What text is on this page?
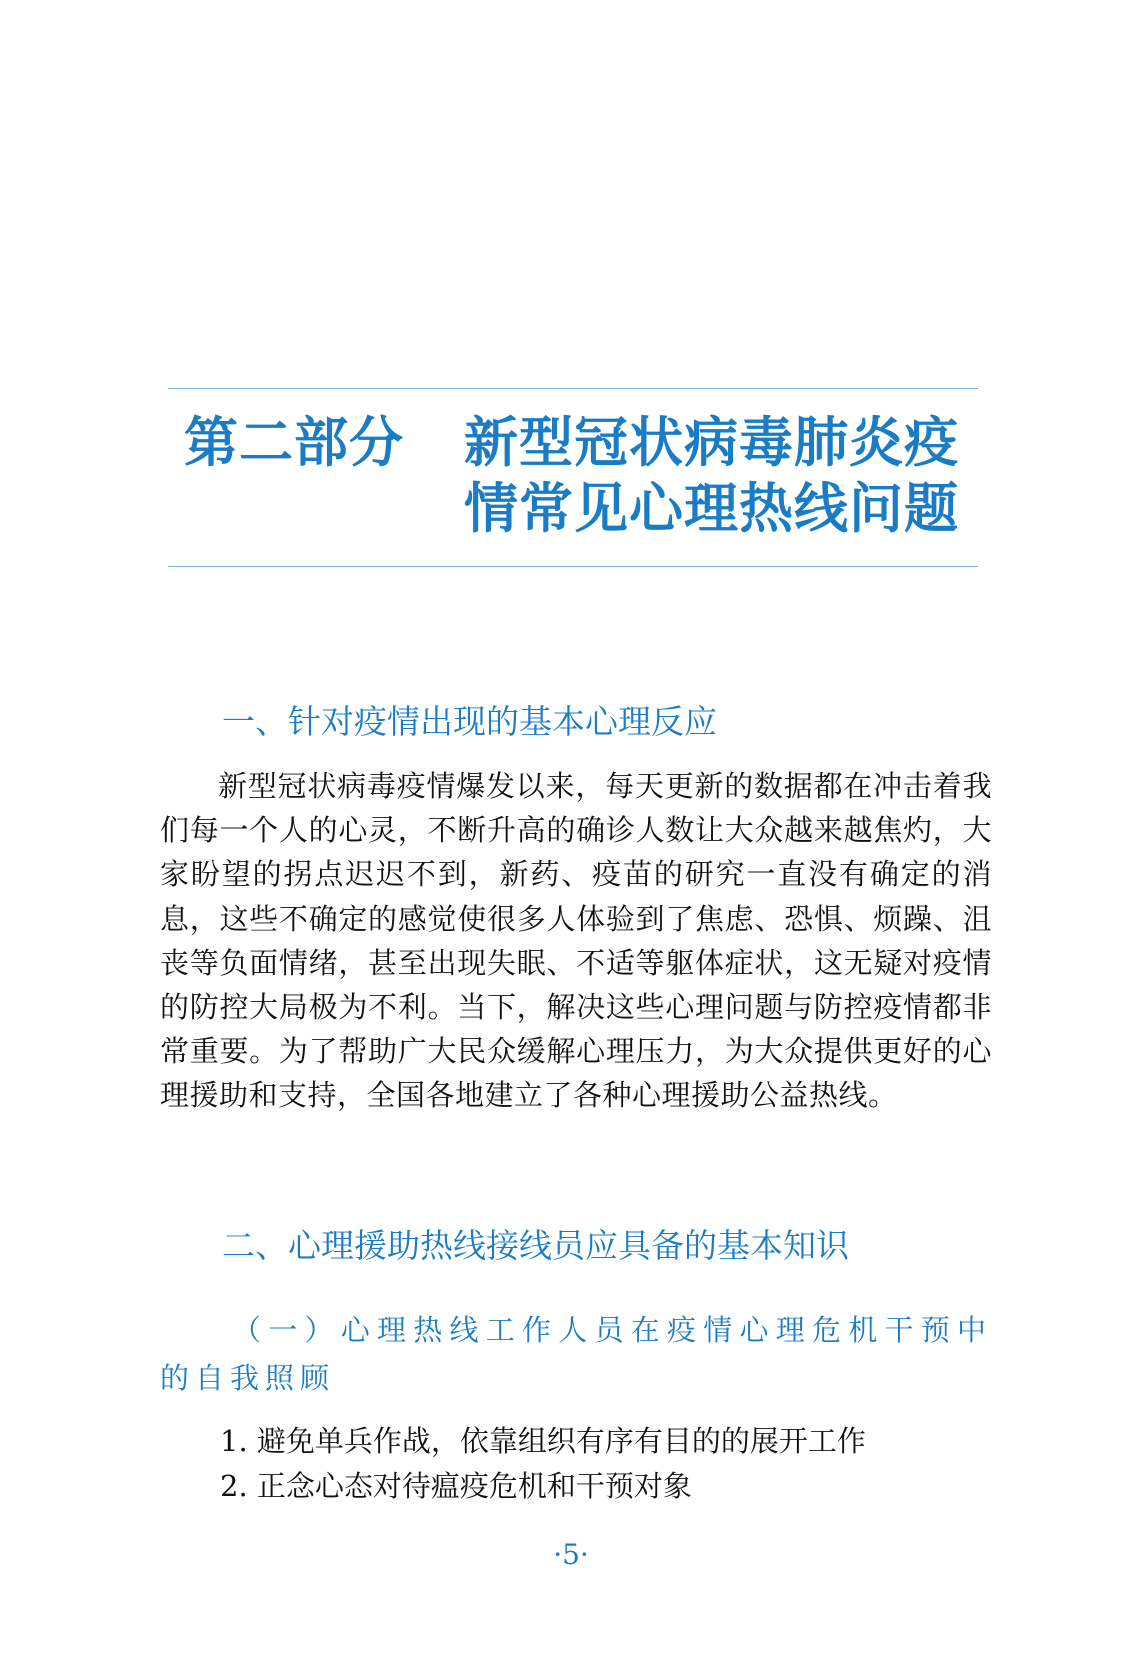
第二部分 新型冠状病毒肺炎疫
情常见心理热线问题
一、针对疫情出现的基本心理反应

新型冠状病毒疫情爆发以来，每天更新的数据都在冲击着我们每一个人的心灵，不断升高的确诊人数让大众越来越焦灼，大家盼望的拐点迟迟不到，新药、疫苗的研究一直没有确定的消息，这些不确定的感觉使很多人体验到了焦虑、恐惧、烦躁、沮丧等负面情绪，甚至出现失眠、不适等躯体症状，这无疑对疫情的防控大局极为不利。当下，解决这些心理问题与防控疫情都非常重要。为了帮助广大民众缓解心理压力，为大众提供更好的心理援助和支持，全国各地建立了各种心理援助公益热线。

二、心理援助热线接线员应具备的基本知识

（一）心理热线工作人员在疫情心理危机干预中的自我照顾

1. 避免单兵作战，依靠组织有序有目的的展开工作
2. 正念心态对待瘟疫危机和干预对象
·5·
